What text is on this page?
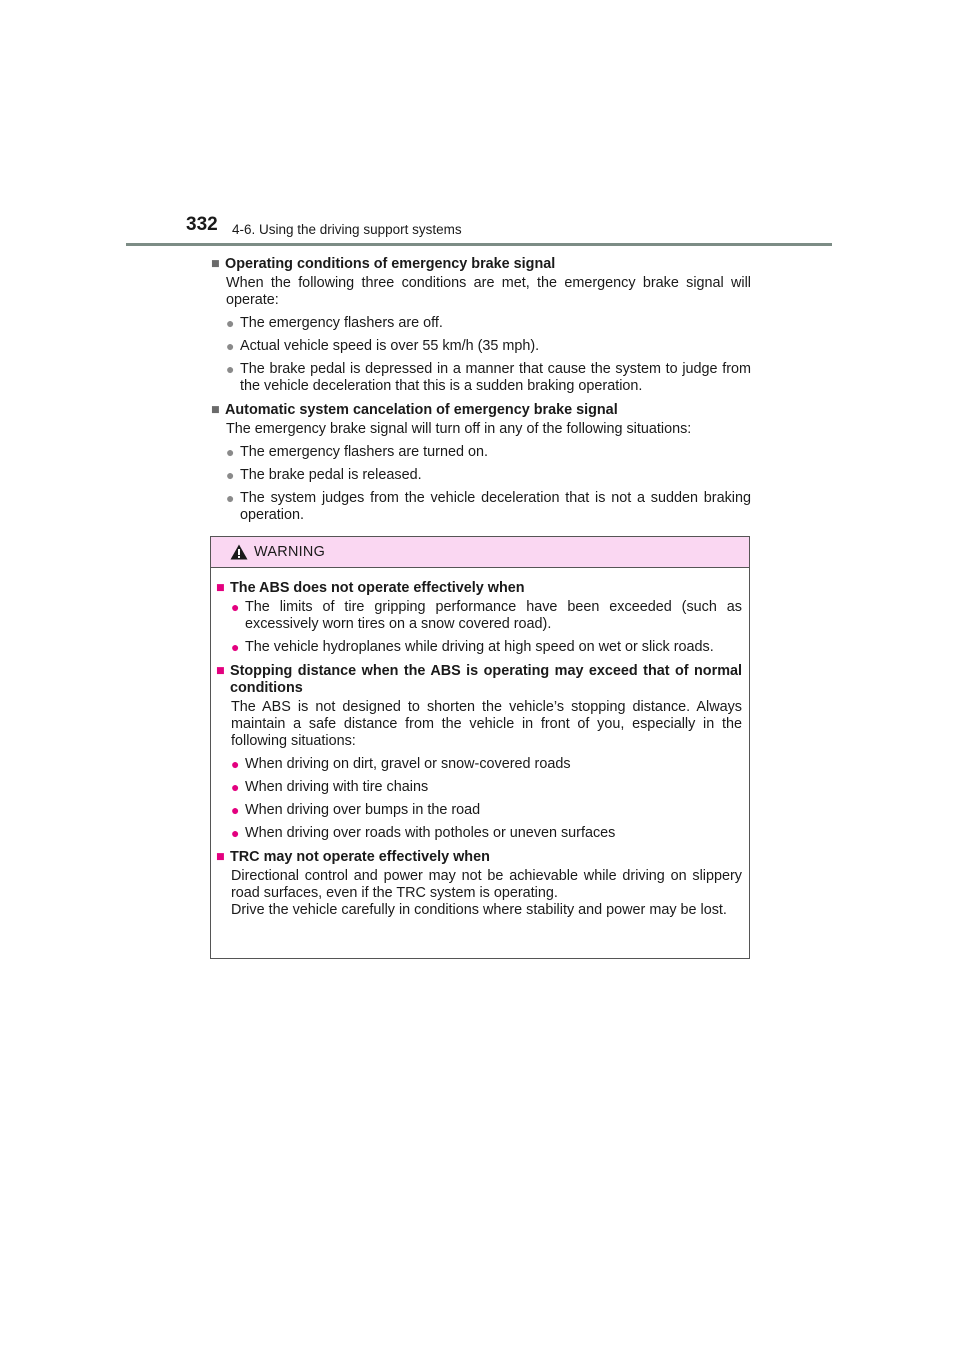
332 4-6. Using the driving support systems
■ Operating conditions of emergency brake signal
When the following three conditions are met, the emergency brake signal will operate:
● The emergency flashers are off.
● Actual vehicle speed is over 55 km/h (35 mph).
● The brake pedal is depressed in a manner that cause the system to judge from the vehicle deceleration that this is a sudden braking operation.
■ Automatic system cancelation of emergency brake signal
The emergency brake signal will turn off in any of the following situations:
● The emergency flashers are turned on.
● The brake pedal is released.
● The system judges from the vehicle deceleration that is not a sudden braking operation.
WARNING
■ The ABS does not operate effectively when
● The limits of tire gripping performance have been exceeded (such as excessively worn tires on a snow covered road).
● The vehicle hydroplanes while driving at high speed on wet or slick roads.
■ Stopping distance when the ABS is operating may exceed that of normal conditions
The ABS is not designed to shorten the vehicle’s stopping distance. Always maintain a safe distance from the vehicle in front of you, especially in the following situations:
● When driving on dirt, gravel or snow-covered roads
● When driving with tire chains
● When driving over bumps in the road
● When driving over roads with potholes or uneven surfaces
■ TRC may not operate effectively when
Directional control and power may not be achievable while driving on slippery road surfaces, even if the TRC system is operating.
Drive the vehicle carefully in conditions where stability and power may be lost.
